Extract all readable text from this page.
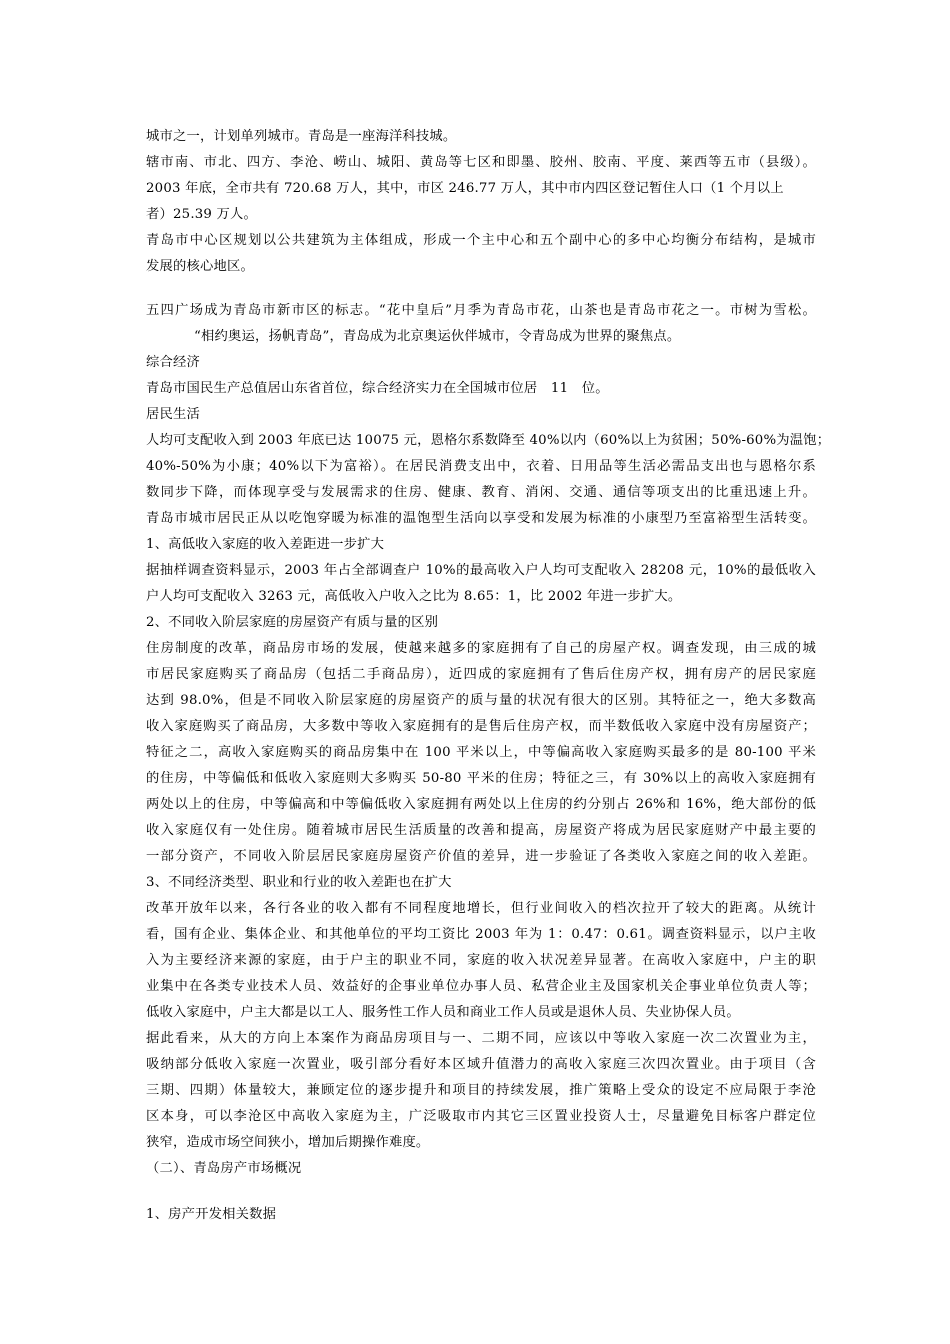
城市之一，计划单列城市。青岛是一座海洋科技城。
辖市南、市北、四方、李沧、崂山、城阳、黄岛等七区和即墨、胶州、胶南、平度、莱西等五市（县级）。
2003 年底，全市共有 720.68 万人，其中，市区 246.77 万人，其中市内四区登记暂住人口（1 个月以上
者）25.39 万人。
青岛市中心区规划以公共建筑为主体组成，形成一个主中心和五个副中心的多中心均衡分布结构，是城市
发展的核心地区。
五四广场成为青岛市新市区的标志。“花中皇后”月季为青岛市花，山茶也是青岛市花之一。市树为雪松。
“相约奥运，扬帆青岛”，青岛成为北京奥运伙伴城市，令青岛成为世界的聚焦点。
综合经济
青岛市国民生产总值居山东省首位，综合经济实力在全国城市位居　11　位。
居民生活
人均可支配收入到 2003 年底已达 10075 元，恩格尔系数降至 40%以内（60%以上为贫困；50%-60%为温饱；
40%-50%为小康；40%以下为富裕）。在居民消费支出中，衣着、日用品等生活必需品支出也与恩格尔系
数同步下降，而体现享受与发展需求的住房、健康、教育、消闲、交通、通信等项支出的比重迅速上升。
青岛市城市居民正从以吃饱穿暖为标准的温饱型生活向以享受和发展为标准的小康型乃至富裕型生活转变。
1、高低收入家庭的收入差距进一步扩大
据抽样调查资料显示，2003 年占全部调查户 10%的最高收入户人均可支配收入 28208 元，10%的最低收入
户人均可支配收入 3263 元，高低收入户收入之比为 8.65：1，比 2002 年进一步扩大。
2、不同收入阶层家庭的房屋资产有质与量的区别
住房制度的改革，商品房市场的发展，使越来越多的家庭拥有了自己的房屋产权。调查发现，由三成的城
市居民家庭购买了商品房（包括二手商品房），近四成的家庭拥有了售后住房产权，拥有房产的居民家庭
达到 98.0%，但是不同收入阶层家庭的房屋资产的质与量的状况有很大的区别。其特征之一，绝大多数高
收入家庭购买了商品房，大多数中等收入家庭拥有的是售后住房产权，而半数低收入家庭中没有房屋资产；
特征之二，高收入家庭购买的商品房集中在 100 平米以上，中等偏高收入家庭购买最多的是 80-100 平米
的住房，中等偏低和低收入家庭则大多购买 50-80 平米的住房；特征之三，有 30%以上的高收入家庭拥有
两处以上的住房，中等偏高和中等偏低收入家庭拥有两处以上住房的约分别占 26%和 16%，绝大部份的低
收入家庭仅有一处住房。随着城市居民生活质量的改善和提高，房屋资产将成为居民家庭财产中最主要的
一部分资产，不同收入阶层居民家庭房屋资产价值的差异，进一步验证了各类收入家庭之间的收入差距。
3、不同经济类型、职业和行业的收入差距也在扩大
改革开放年以来，各行各业的收入都有不同程度地增长，但行业间收入的档次拉开了较大的距离。从统计
看，国有企业、集体企业、和其他单位的平均工资比 2003 年为 1：0.47：0.61。调查资料显示，以户主收
入为主要经济来源的家庭，由于户主的职业不同，家庭的收入状况差异显著。在高收入家庭中，户主的职
业集中在各类专业技术人员、效益好的企事业单位办事人员、私营企业主及国家机关企事业单位负责人等；
低收入家庭中，户主大都是以工人、服务性工作人员和商业工作人员或是退休人员、失业协保人员。
据此看来，从大的方向上本案作为商品房项目与一、二期不同，应该以中等收入家庭一次二次置业为主，
吸纳部分低收入家庭一次置业，吸引部分看好本区域升值潜力的高收入家庭三次四次置业。由于项目（含
三期、四期）体量较大，兼顾定位的逐步提升和项目的持续发展，推广策略上受众的设定不应局限于李沧
区本身，可以李沧区中高收入家庭为主，广泛吸取市内其它三区置业投资人士，尽量避免目标客户群定位
狭窄，造成市场空间狭小，增加后期操作难度。
（二）、青岛房产市场概况
1、房产开发相关数据
